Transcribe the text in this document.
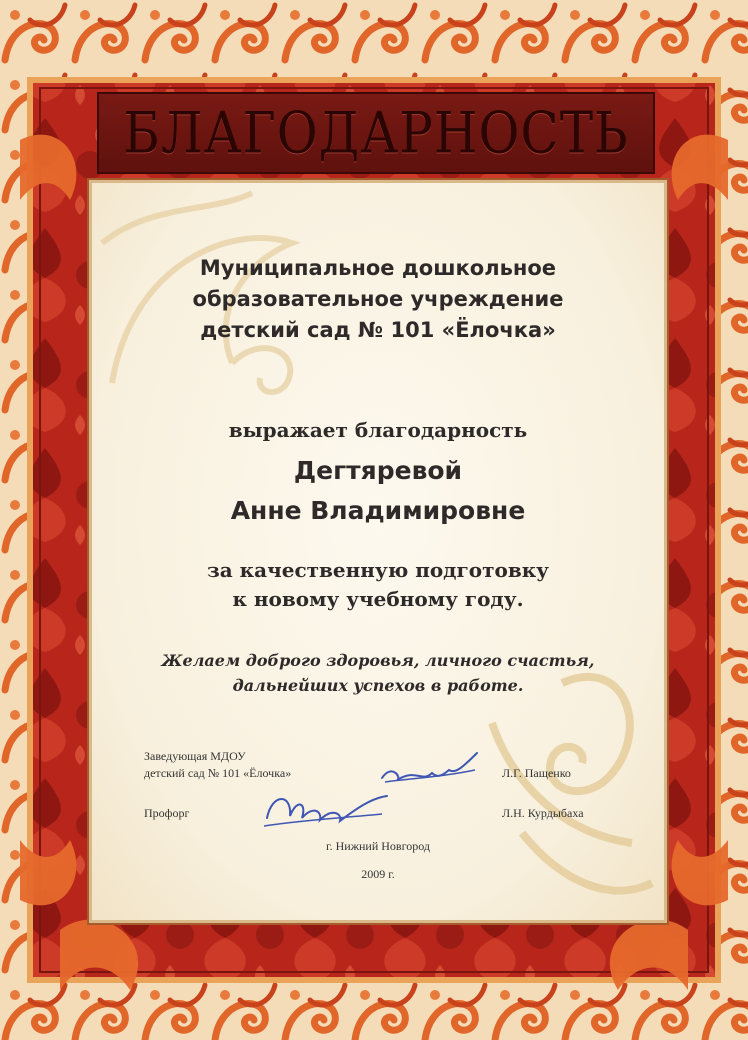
БЛАГОДАРНОСТЬ
Муниципальное дошкольное
образовательное учреждение
детский сад № 101 «Ёлочка»
выражает благодарность
Дегтяревой
Анне Владимировне
за качественную подготовку
к новому учебному году.
Желаем доброго здоровья, личного счастья,
дальнейших успехов в работе.
Заведующая МДОУ
детский сад № 101 «Ёлочка»	Л.Г. Пащенко
Профорг	Л.Н. Курдыбаха
г. Нижний Новгород
2009 г.
